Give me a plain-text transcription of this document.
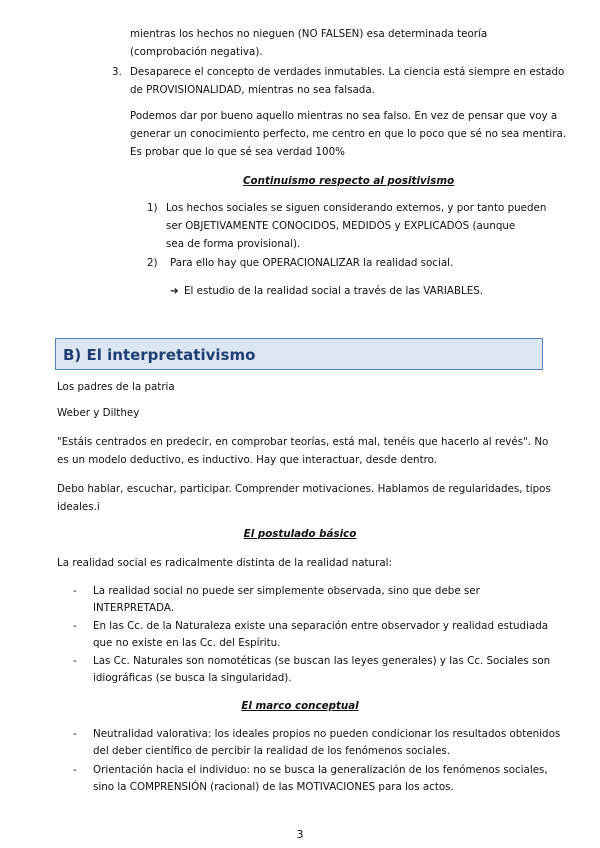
mientras los hechos no nieguen (NO FALSEN) esa determinada teoría
(comprobación negativa).
3. Desaparece el concepto de verdades inmutables. La ciencia está siempre en estado
de PROVISIONALIDAD, mientras no sea falsada.
Podemos dar por bueno aquello mientras no sea falso. En vez de pensar que voy a
generar un conocimiento perfecto, me centro en que lo poco que sé no sea mentira.
Es probar que lo que sé sea verdad 100%
Continuismo respecto al positivismo
1) Los hechos sociales se siguen considerando externos, y por tanto pueden
ser OBJETIVAMENTE CONOCIDOS, MEDIDOS y EXPLICADOS (aunque
sea de forma provisional).
2) Para ello hay que OPERACIONALIZAR la realidad social.
➜ El estudio de la realidad social a través de las VARIABLES.
B) El interpretativismo
Los padres de la patria
Weber y Dilthey
"Estáis centrados en predecir, en comprobar teorías, está mal, tenéis que hacerlo al revés". No
es un modelo deductivo, es inductivo. Hay que interactuar, desde dentro.
Debo hablar, escuchar, participar. Comprender motivaciones. Hablamos de regularidades, tipos
ideales.i
El postulado básico
La realidad social es radicalmente distinta de la realidad natural:
- La realidad social no puede ser simplemente observada, sino que debe ser
INTERPRETADA.
- En las Cc. de la Naturaleza existe una separación entre observador y realidad estudiada
que no existe en las Cc. del Espíritu.
- Las Cc. Naturales son nomotéticas (se buscan las leyes generales) y las Cc. Sociales son
idiográficas (se busca la singularidad).
El marco conceptual
- Neutralidad valorativa: los ideales propios no pueden condicionar los resultados obtenidos
del deber científico de percibir la realidad de los fenómenos sociales.
- Orientación hacia el individuo: no se busca la generalización de los fenómenos sociales,
sino la COMPRENSIÓN (racional) de las MOTIVACIONES para los actos.
3
